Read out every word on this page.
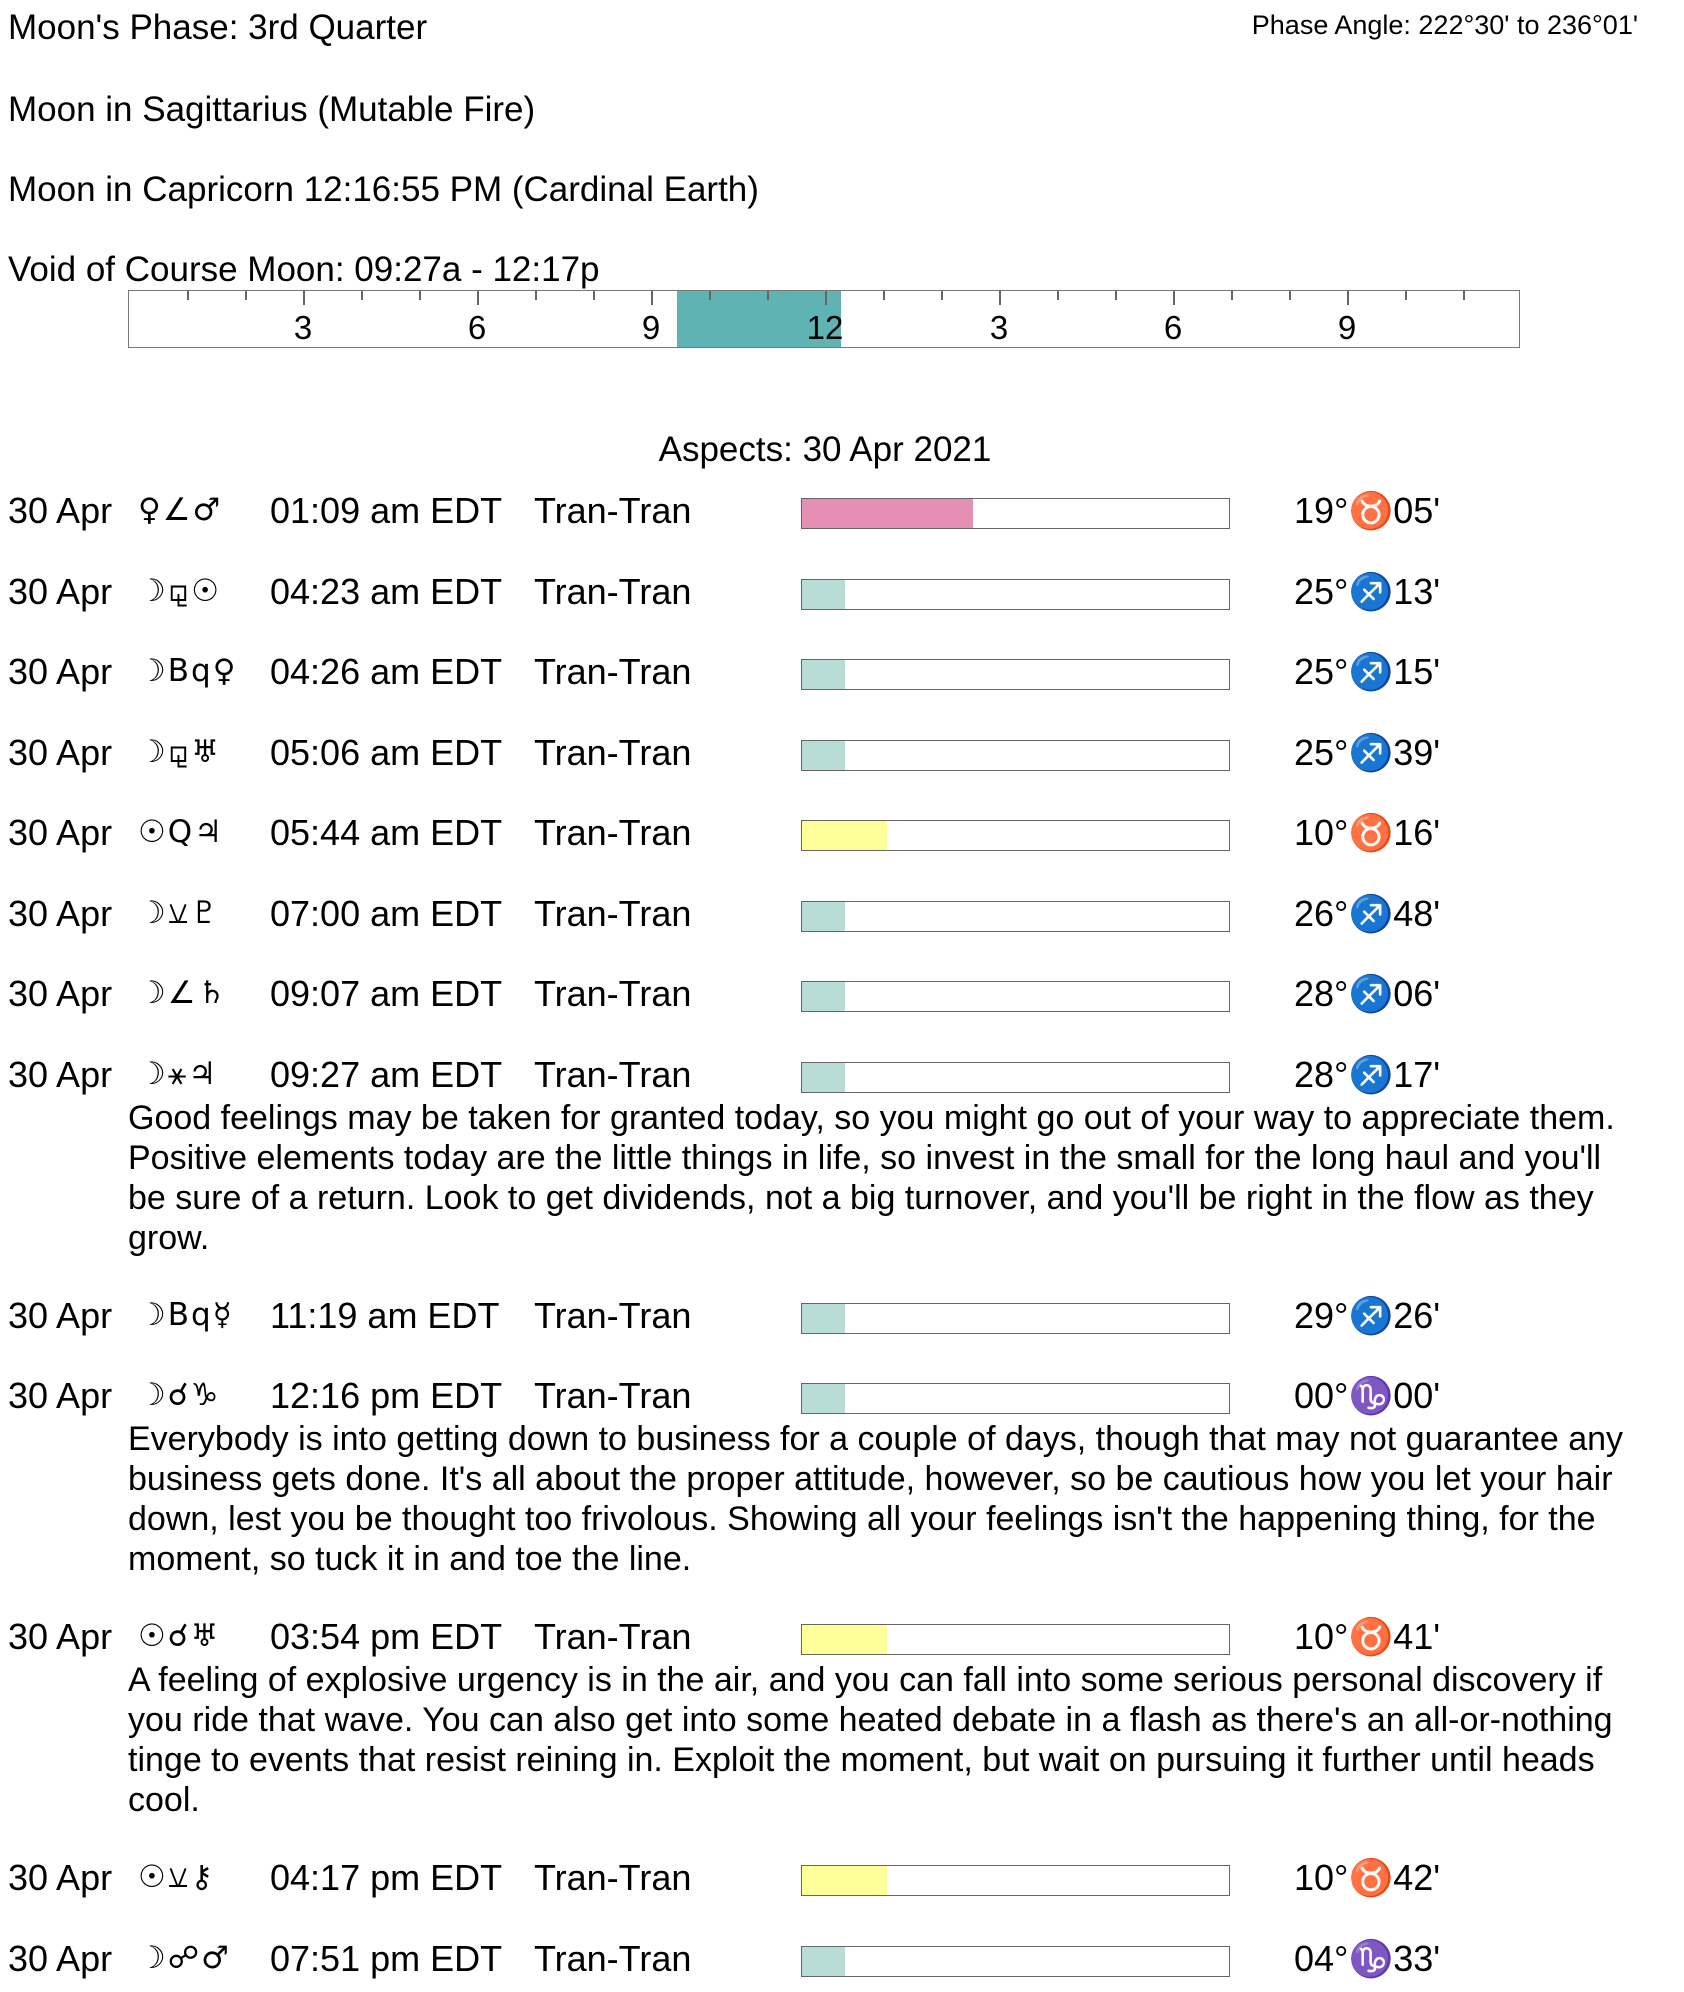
Moon's Phase: 3rd Quarter	Phase Angle: 222°30' to 236°01'
Moon in Sagittarius (Mutable Fire)
Moon in Capricorn 12:16:55 PM (Cardinal Earth)
Void of Course Moon: 09:27a - 12:17p
3	6	9	12	3	6	9
Aspects: 30 Apr 2021
30 Apr ♀∠♂ 01:09 am EDT Tran-Tran	19°♉05'
30 Apr ☽⚼☉ 04:23 am EDT Tran-Tran	25°♐13'
30 Apr ☽Bq♀ 04:26 am EDT Tran-Tran	25°♐15'
30 Apr ☽⚼♅ 05:06 am EDT Tran-Tran	25°♐39'
30 Apr ☉Q♃ 05:44 am EDT Tran-Tran	10°♉16'
30 Apr ☽⚺♇ 07:00 am EDT Tran-Tran	26°♐48'
30 Apr ☽∠♄ 09:07 am EDT Tran-Tran	28°♐06'
30 Apr ☽⚹♃ 09:27 am EDT Tran-Tran	28°♐17'
Good feelings may be taken for granted today, so you might go out of your way to appreciate them. Positive elements today are the little things in life, so invest in the small for the long haul and you'll be sure of a return. Look to get dividends, not a big turnover, and you'll be right in the flow as they grow.
30 Apr ☽Bq☿ 11:19 am EDT Tran-Tran	29°♐26'
30 Apr ☽☌♑ 12:16 pm EDT Tran-Tran	00°♑00'
Everybody is into getting down to business for a couple of days, though that may not guarantee any business gets done. It's all about the proper attitude, however, so be cautious how you let your hair down, lest you be thought too frivolous. Showing all your feelings isn't the happening thing, for the moment, so tuck it in and toe the line.
30 Apr ☉☌♅ 03:54 pm EDT Tran-Tran	10°♉41'
A feeling of explosive urgency is in the air, and you can fall into some serious personal discovery if you ride that wave. You can also get into some heated debate in a flash as there's an all-or-nothing tinge to events that resist reining in. Exploit the moment, but wait on pursuing it further until heads cool.
30 Apr ☉⚺⚷ 04:17 pm EDT Tran-Tran	10°♉42'
30 Apr ☽☍♂ 07:51 pm EDT Tran-Tran	04°♑33'
